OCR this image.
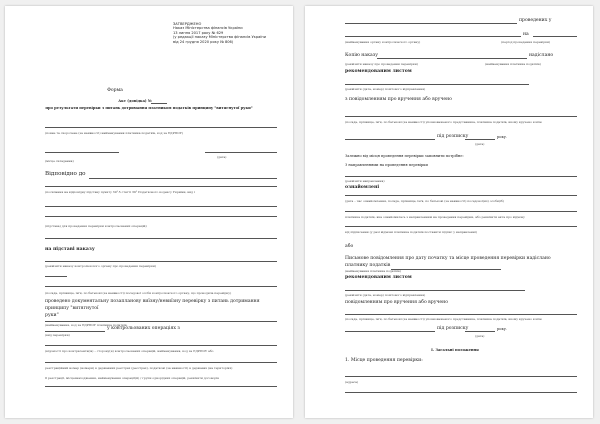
ЗАТВЕРДЖЕНО
Наказ Міністерства фінансів України
13 липня 2017 року № 629
(у редакції наказу Міністерства фінансів України
від 24 грудня 2020 року № 806)
Форма
Акт (довідка) №
про результати перевірки з питань дотримання платником податків принципу "витягнутої руки"
(повне та скорочене (за наявності) найменування платника податків, код за ЄДРПОУ)
(дата)
(місце складання)
Відповідно до
(посилання на відповідну підставу пункту 39¹.5 статті 39¹ Податкового кодексу України, вид і
(підстава) для проведення перевірки контрольованих операцій)
на підставі наказу
(реквізити наказу контролюючого органу про проведення перевірки)
(посада, прізвище, ім'я, по батькові (за наявності) посадової особи контролюючого органу, що проводила перевірку)
проведено документальну позапланову виїзну/невиїзну перевірку з питань дотримання
принципу "витягнутої
руки"
(найменування, код за ЄДРПОУ платника податків,
у контрольованих операціях з
(вид перевірки)
(відомості про контрагента(ів) – сторону(и) контрольованих операцій, найменування, код за ЄДРПОУ або
реєстраційний номер (номери) в державних реєстрах (реєстрах), податкові (за наявності) в державах (на територіях)
її реєстрації, місцезнаходження, найменування операції(й) / групи однорідних операцій, реквізити договорів
проведених у
на
(найменування органу контролюючого органу)	(період проведення перевірки)
Копію наказу	надіслано
(реквізити наказу про проведення перевірки)	(найменування платника податків)
рекомендованим листом
(реквізити (дата, номер) поштового відправлення)
з повідомленням про вручення або вручено
(посада, прізвище, ім'я, по батькові (за наявності) уповноваженого представника, платника податків, якому вручено копію
під розписку	року.
(дата)
Залежно від місця проведення перевірки заповнити потрібне:
З направленнями на проведення перевірки
(реквізити направлення)
ознайомлені
(дата – час ознайомлення, посада, прізвище, ім'я, по батькові (за наявності) посадової(их) особи(іб)
платника податків, яка ознайомилась з направленням на проведення перевірки, або реквізити акта про відмову
від підписання (у разі відмови платника податків поставити підпис у направленні)
або
Письмове повідомлення про дату початку та місце проведення перевірки надіслано
платнику податків
(найменування платника податків)
рекомендованим листом
(реквізити (дата, номер) поштового відправлення)
повідомленням про вручення або вручено
(посада, прізвище, ім'я, по батькові (за наявності) уповноваженого представника, платника податків, якому вручено копію
під розписку	року.
(дата)
I. Загальні положення
1. Місце проведення перевірки:
(адреса)
